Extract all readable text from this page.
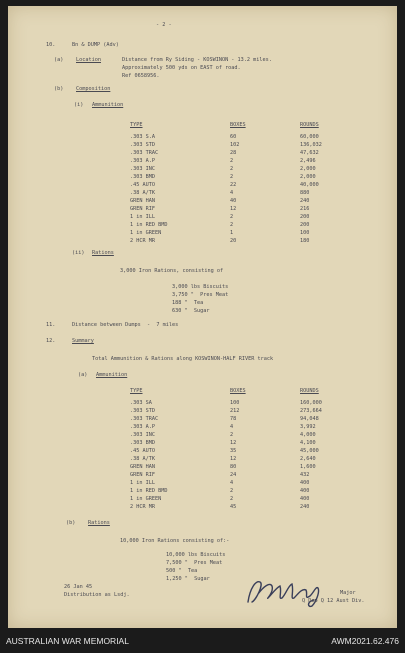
- 2 -
10.	Bn & DUMP (Adv)
(a) Location	Distance from Ry Siding - KOSWINON - 13.2 miles.
Approximately 500 yds on EAST of road.
Ref 0658956.
(b) Composition
(i) Ammunition
TYPE	BOXES	ROUNDS
.303 S.A	60	60,000
.303 STD	102	136,032
.303 TRAC	28	47,632
.303 A.P	2	2,496
.303 INC	2	2,000
.303 BMD	2	2,000
.45 AUTO	22	40,000
.38 A/TK	4	880
GREN HAN	40	240
GREN RIF	12	216
1 in ILL	2	200
1 in RED BMD	2	200
1 in GREEN	1	100
2 HCR MR	20	180
(ii) Rations
3,000 Iron Rations, consisting of
3,000 lbs Biscuits
3,750 "  Pres Meat
188 "  Tea
630 "  Sugar
11.	Distance between Dumps  -  7 miles
12.	Summary
Total Ammunition & Rations along KOSWINON-HALF RIVER track
(a) Ammunition
TYPE	BOXES	ROUNDS
.303 SA	100	160,000
.303 STD	212	273,664
.303 TRAC	78	94,048
.303 A.P	4	3,992
.303 INC	2	4,000
.303 BMD	12	4,100
.45 AUTO	35	45,000
.38 A/TK	12	2,640
GREN HAN	80	1,600
GREN RIF	24	432
1 in ILL	4	400
1 in RED BMD	2	400
1 in GREEN	2	400
2 HCR MR	45	240
(b) Rations
10,000 Iron Rations consisting of:-
10,000 lbs Biscuits
7,500 "  Pres Meat
500 "  Tea
1,250 "  Sugar
26 Jan 45
Distribution as Lsdj.	Major
Q Dep Q 12 Aust Div.
AUSTRALIAN WAR MEMORIAL	AWM2021.62.476
